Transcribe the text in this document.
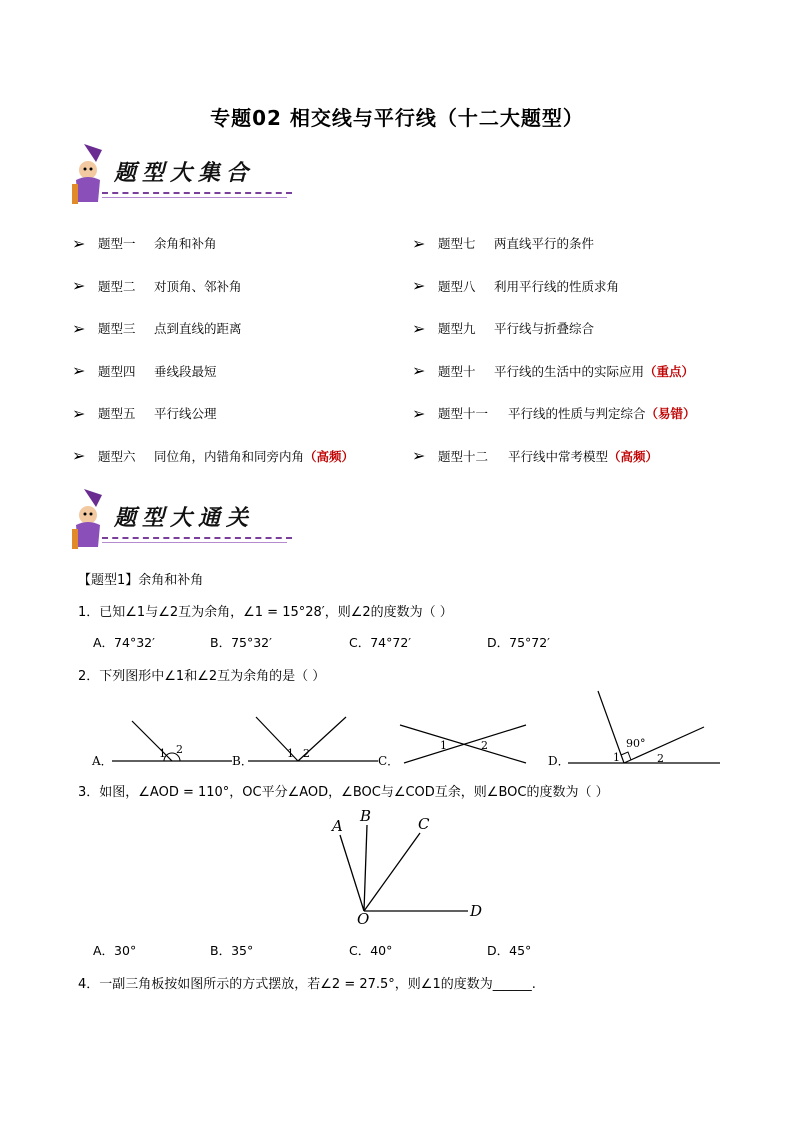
专题02 相交线与平行线（十二大题型）
题型大集合
➢	题型一	余角和补角
➢	题型二	对顶角、邻补角
➢	题型三	点到直线的距离
➢	题型四	垂线段最短
➢	题型五	平行线公理
➢	题型六	同位角，内错角和同旁内角 （高频）
➢	题型七	两直线平行的条件
➢	题型八	利用平行线的性质求角
➢	题型九	平行线与折叠综合
➢	题型十	平行线的生活中的实际应用 （重点）
➢	题型十一	平行线的性质与判定综合 （易错）
➢	题型十二	平行线中常考模型 （高频）
题型大通关
【题型1】余角和补角
1．已知∠1与∠2互为余角，∠1 = 15°28′，则∠2的度数为（ ）
A．74°32′	B．75°32′	C．74°72′	D．75°72′
2．下列图形中∠1和∠2互为余角的是（ ）
A．
1 2
B．
1 2
C．
1	2
D．	1	2
90°
3．如图，∠AOD = 110°，OC平分∠AOD，∠BOC与∠COD互余，则∠BOC的度数为（ ）
A
B	C
D
O
A．30°	B．35°	C．40°	D．45°
4．一副三角板按如图所示的方式摆放，若∠2 = 27.5°，则∠1的度数为______.
